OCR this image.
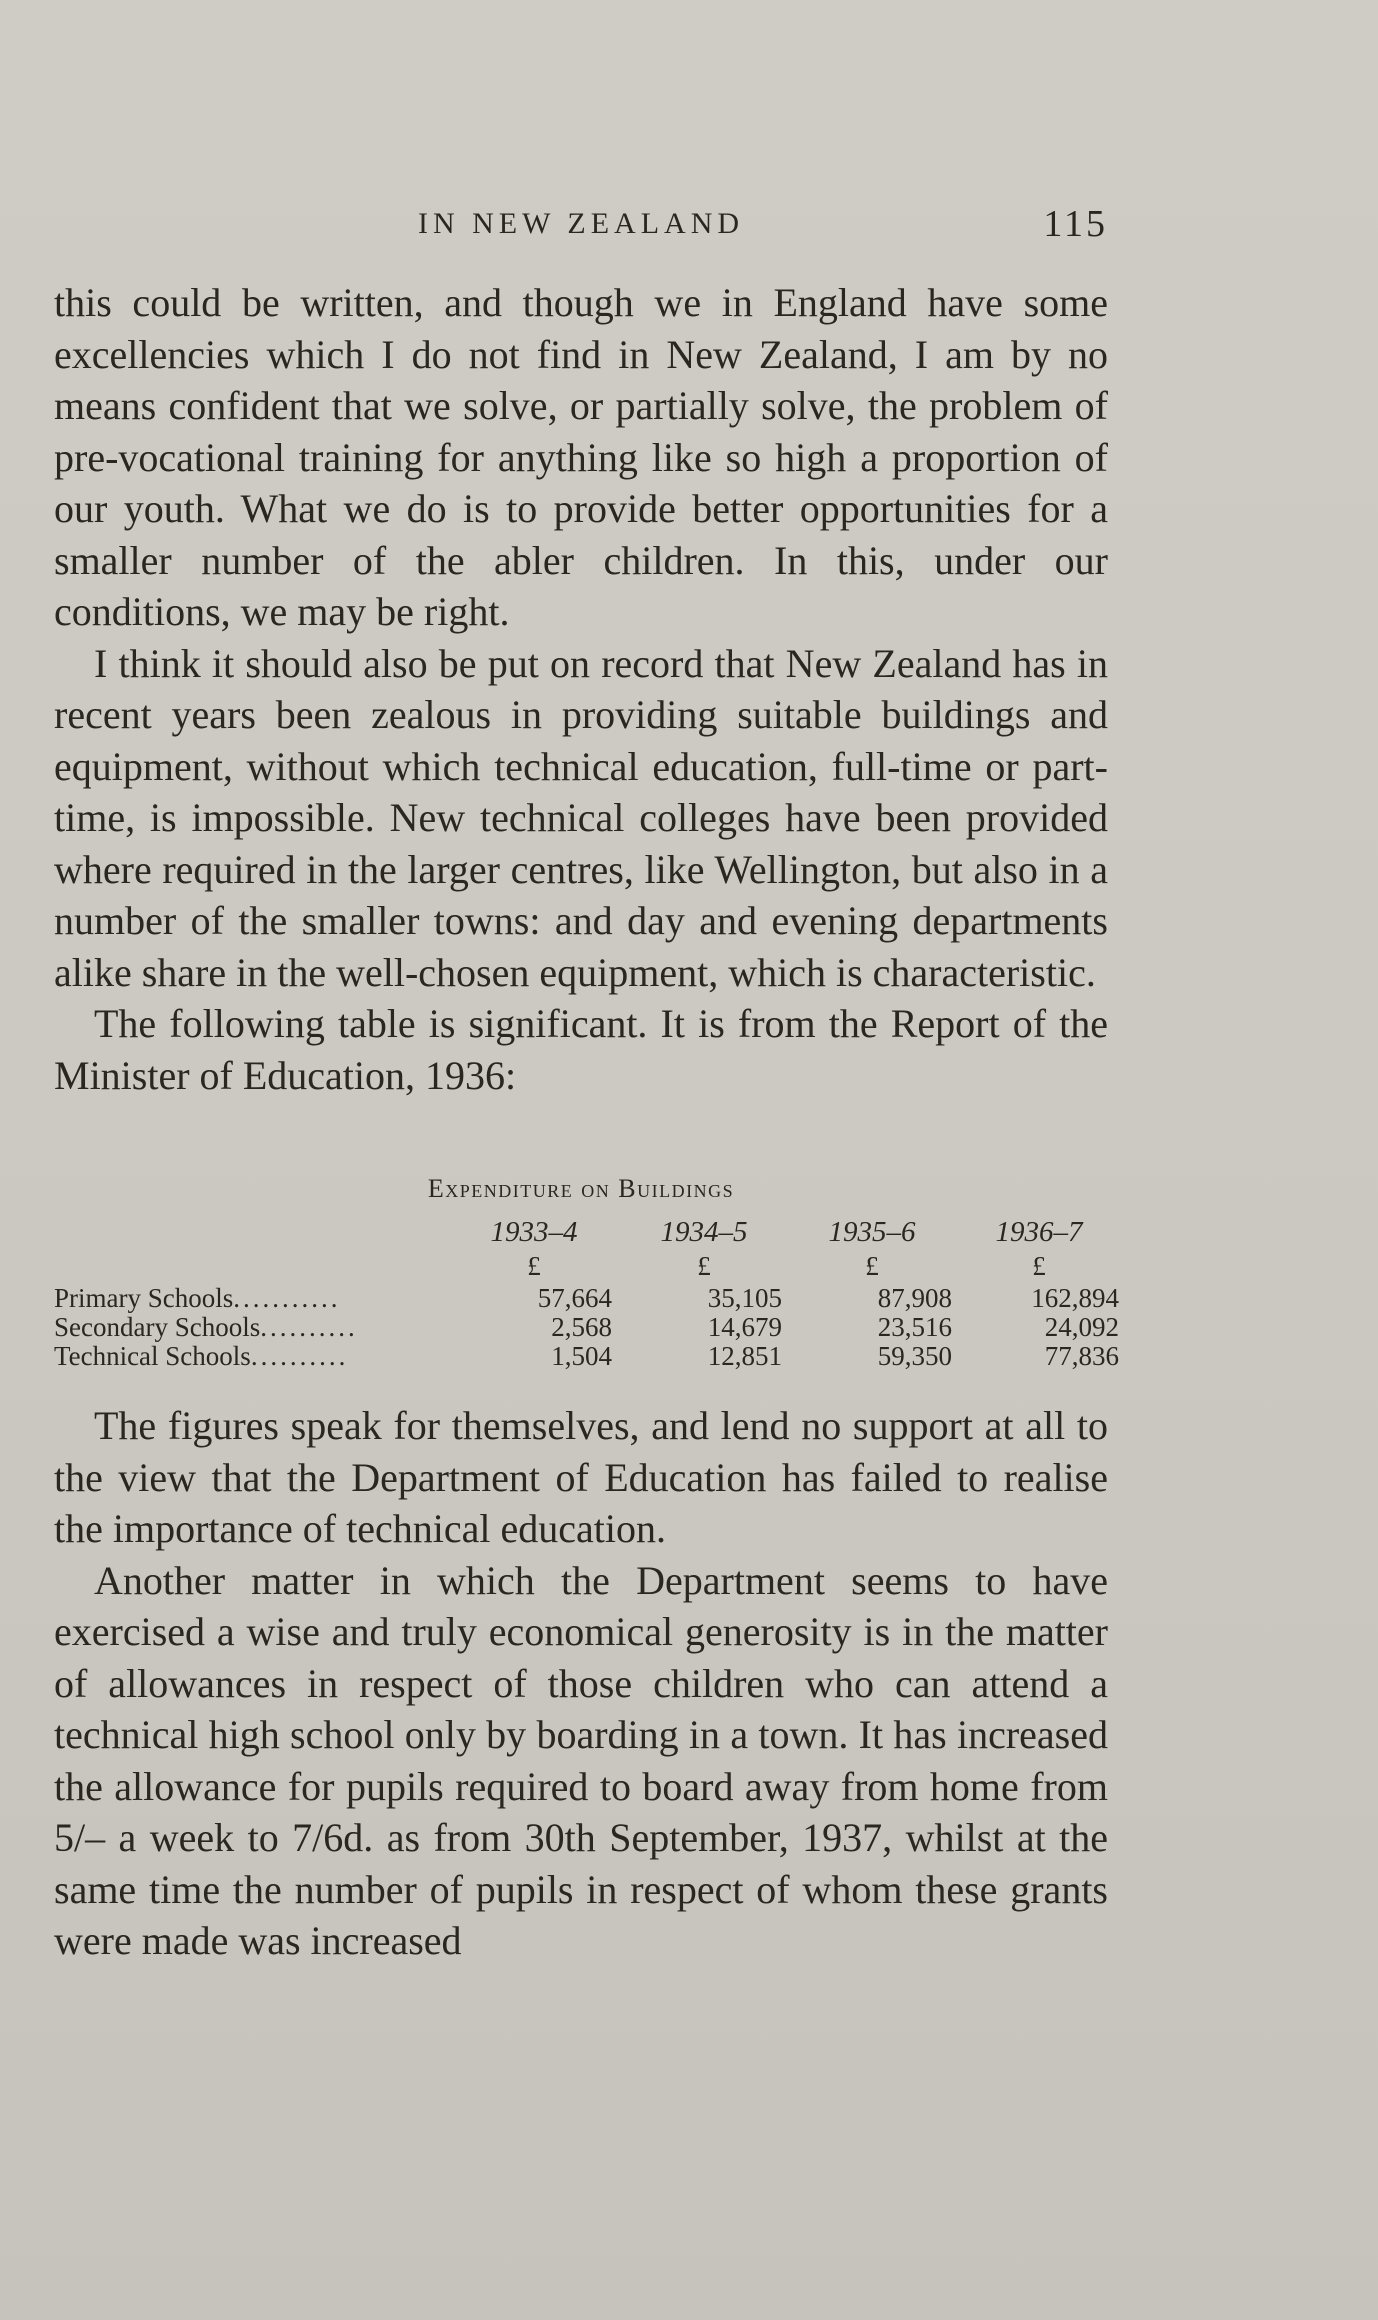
IN NEW ZEALAND	115

this could be written, and though we in England have some excellencies which I do not find in New Zealand, I am by no means confident that we solve, or partially solve, the problem of pre-vocational training for anything like so high a proportion of our youth. What we do is to provide better opportunities for a smaller number of the abler children. In this, under our conditions, we may be right.

I think it should also be put on record that New Zealand has in recent years been zealous in providing suitable buildings and equipment, without which technical education, full-time or part-time, is impossible. New technical colleges have been provided where required in the larger centres, like Wellington, but also in a number of the smaller towns: and day and evening departments alike share in the well-chosen equipment, which is characteristic.

The following table is significant. It is from the Report of the Minister of Education, 1936:

Expenditure on Buildings
1933–4	1934–5	1935–6	1936–7
£	£	£	£
Primary Schools...........	57,664	35,105	87,908	162,894
Secondary Schools..........	2,568	14,679	23,516	24,092
Technical Schools..........	1,504	12,851	59,350	77,836

The figures speak for themselves, and lend no support at all to the view that the Department of Education has failed to realise the importance of technical education.

Another matter in which the Department seems to have exercised a wise and truly economical generosity is in the matter of allowances in respect of those children who can attend a technical high school only by boarding in a town. It has increased the allowance for pupils required to board away from home from 5/– a week to 7/6d. as from 30th September, 1937, whilst at the same time the number of pupils in respect of whom these grants were made was increased
